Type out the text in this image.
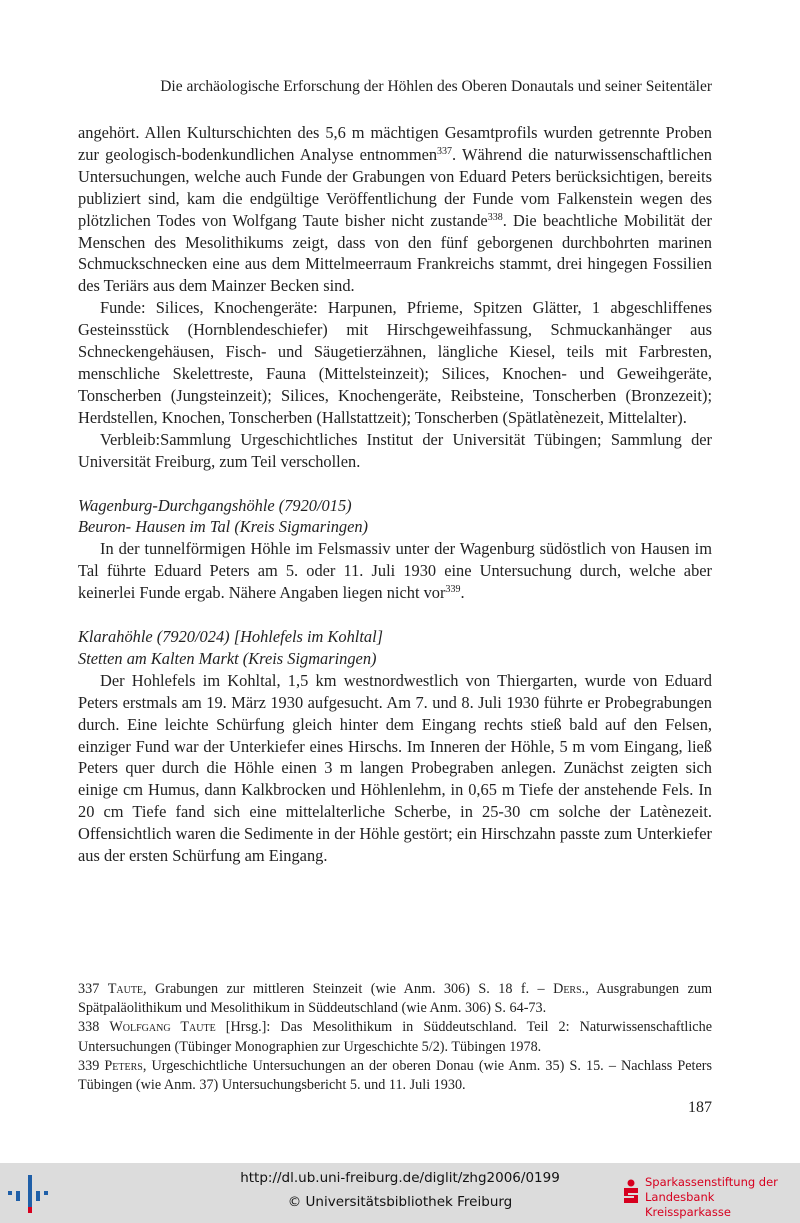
Die archäologische Erforschung der Höhlen des Oberen Donautals und seiner Seitentäler

angehört. Allen Kulturschichten des 5,6 m mächtigen Gesamtprofils wurden getrennte Proben zur geologisch-bodenkundlichen Analyse entnommen$^{337}$. Während die naturwissenschaftlichen Untersuchungen, welche auch Funde der Grabungen von Eduard Peters berücksichtigen, bereits publiziert sind, kam die endgültige Veröffentlichung der Funde vom Falkenstein wegen des plötzlichen Todes von Wolfgang Taute bisher nicht zustande$^{338}$. Die beachtliche Mobilität der Menschen des Mesolithikums zeigt, dass von den fünf geborgenen durchbohrten marinen Schmuckschnecken eine aus dem Mittelmeerraum Frankreichs stammt, drei hingegen Fossilien des Teriärs aus dem Mainzer Becken sind.

Funde: Silices, Knochengeräte: Harpunen, Pfrieme, Spitzen Glätter, 1 abgeschliffenes Gesteinsstück (Hornblendeschiefer) mit Hirschgeweihfassung, Schmuckanhänger aus Schneckengehäusen, Fisch- und Säugetierzähnen, längliche Kiesel, teils mit Farbresten, menschliche Skelettreste, Fauna (Mittelsteinzeit); Silices, Knochen- und Geweihgeräte, Tonscherben (Jungsteinzeit); Silices, Knochengeräte, Reibsteine, Tonscherben (Bronzezeit); Herdstellen, Knochen, Tonscherben (Hallstattzeit); Tonscherben (Spätlatènezeit, Mittelalter).

Verbleib:Sammlung Urgeschichtliches Institut der Universität Tübingen; Sammlung der Universität Freiburg, zum Teil verschollen.

Wagenburg-Durchgangshöhle (7920/015)

Beuron- Hausen im Tal (Kreis Sigmaringen)

In der tunnelförmigen Höhle im Felsmassiv unter der Wagenburg südöstlich von Hausen im Tal führte Eduard Peters am 5. oder 11. Juli 1930 eine Untersuchung durch, welche aber keinerlei Funde ergab. Nähere Angaben liegen nicht vor$^{339}$.

Klarahöhle (7920/024) [Hohlefels im Kohltal]

Stetten am Kalten Markt (Kreis Sigmaringen)

Der Hohlefels im Kohltal, 1,5 km westnordwestlich von Thiergarten, wurde von Eduard Peters erstmals am 19. März 1930 aufgesucht. Am 7. und 8. Juli 1930 führte er Probegrabungen durch. Eine leichte Schürfung gleich hinter dem Eingang rechts stieß bald auf den Felsen, einziger Fund war der Unterkiefer eines Hirschs. Im Inneren der Höhle, 5 m vom Eingang, ließ Peters quer durch die Höhle einen 3 m langen Probegraben anlegen. Zunächst zeigten sich einige cm Humus, dann Kalkbrocken und Höhlenlehm, in 0,65 m Tiefe der anstehende Fels. In 20 cm Tiefe fand sich eine mittelalterliche Scherbe, in 25-30 cm solche der Latènezeit. Offensichtlich waren die Sedimente in der Höhle gestört; ein Hirschzahn passte zum Unterkiefer aus der ersten Schürfung am Eingang.

337 Taute, Grabungen zur mittleren Steinzeit (wie Anm. 306) S. 18 f. – Ders., Ausgrabungen zum Spätpaläolithikum und Mesolithikum in Süddeutschland (wie Anm. 306) S. 64-73.

338 Wolfgang Taute [Hrsg.]: Das Mesolithikum in Süddeutschland. Teil 2: Naturwissenschaftliche Untersuchungen (Tübinger Monographien zur Urgeschichte 5/2). Tübingen 1978.

339 Peters, Urgeschichtliche Untersuchungen an der oberen Donau (wie Anm. 35) S. 15. – Nachlass Peters Tübingen (wie Anm. 37) Untersuchungsbericht 5. und 11. Juli 1930.

187
http://dl.ub.uni-freiburg.de/diglit/zhg2006/0199
© Universitätsbibliothek Freiburg
Sparkassenstiftung der
Landesbank Kreissparkasse
